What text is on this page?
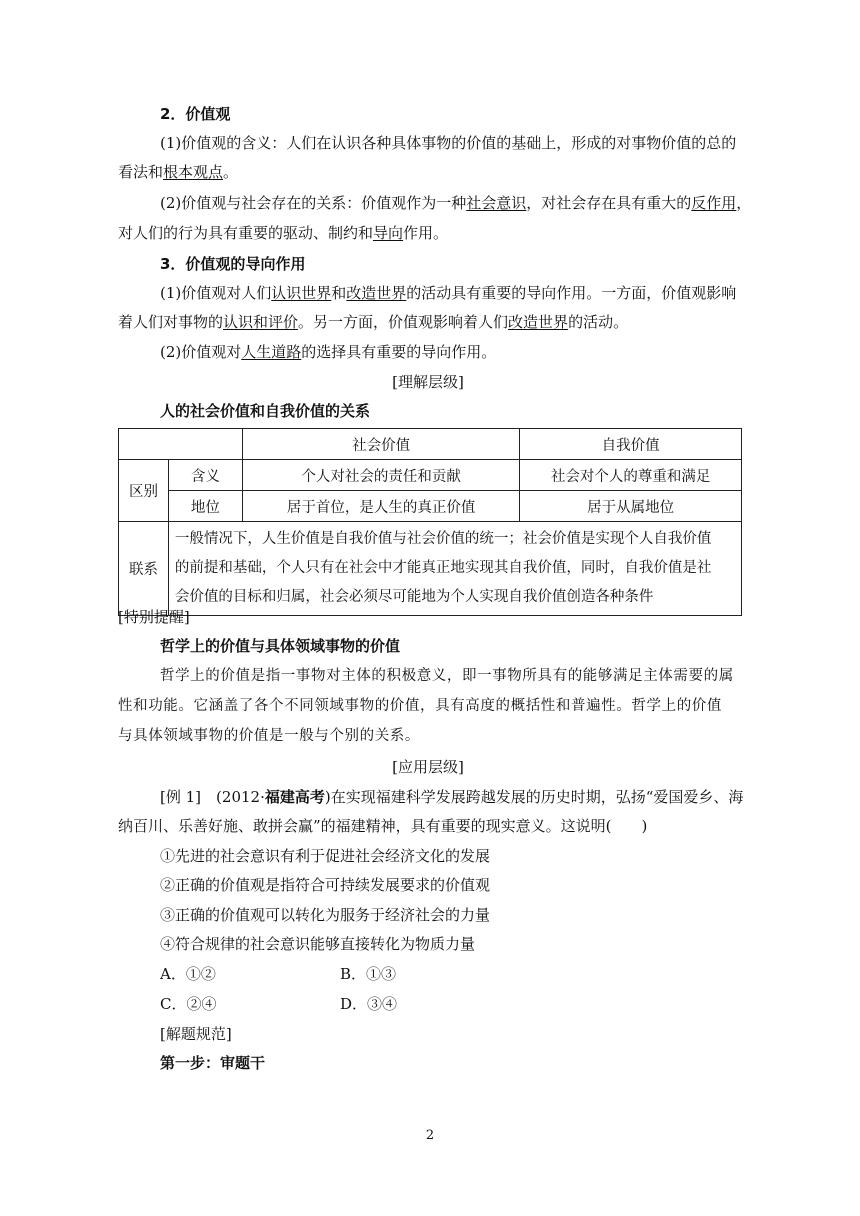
2．价值观
(1)价值观的含义：人们在认识各种具体事物的价值的基础上，形成的对事物价值的总的
看法和根本观点。
(2)价值观与社会存在的关系：价值观作为一种社会意识，对社会存在具有重大的反作用，
对人们的行为具有重要的驱动、制约和导向作用。
3．价值观的导向作用
(1)价值观对人们认识世界和改造世界的活动具有重要的导向作用。一方面，价值观影响
着人们对事物的认识和评价。另一方面，价值观影响着人们改造世界的活动。
(2)价值观对人生道路的选择具有重要的导向作用。
[理解层级]
人的社会价值和自我价值的关系
		社会价值	自我价值
区别	含义	个人对社会的责任和贡献	社会对个人的尊重和满足
	地位	居于首位，是人生的真正价值	居于从属地位
联系	一般情况下，人生价值是自我价值与社会价值的统一；社会价值是实现个人自我价值
的前提和基础，个人只有在社会中才能真正地实现其自我价值，同时，自我价值是社
会价值的目标和归属，社会必须尽可能地为个人实现自我价值创造各种条件		
[特别提醒]
哲学上的价值与具体领域事物的价值
哲学上的价值是指一事物对主体的积极意义，即一事物所具有的能够满足主体需要的属
性和功能。它涵盖了各个不同领域事物的价值，具有高度的概括性和普遍性。哲学上的价值
与具体领域事物的价值是一般与个别的关系。
[应用层级]
[例 1]　 (2012·福建高考)在实现福建科学发展跨越发展的历史时期，弘扬“爱国爱乡、海
纳百川、乐善好施、敢拼会赢”的福建精神，具有重要的现实意义。这说明(　　)
①先进的社会意识有利于促进社会经济文化的发展
②正确的价值观是指符合可持续发展要求的价值观
③正确的价值观可以转化为服务于经济社会的力量
④符合规律的社会意识能够直接转化为物质力量
A．①②	B．①③
C．②④	D．③④
[解题规范]
第一步：审题干
2
